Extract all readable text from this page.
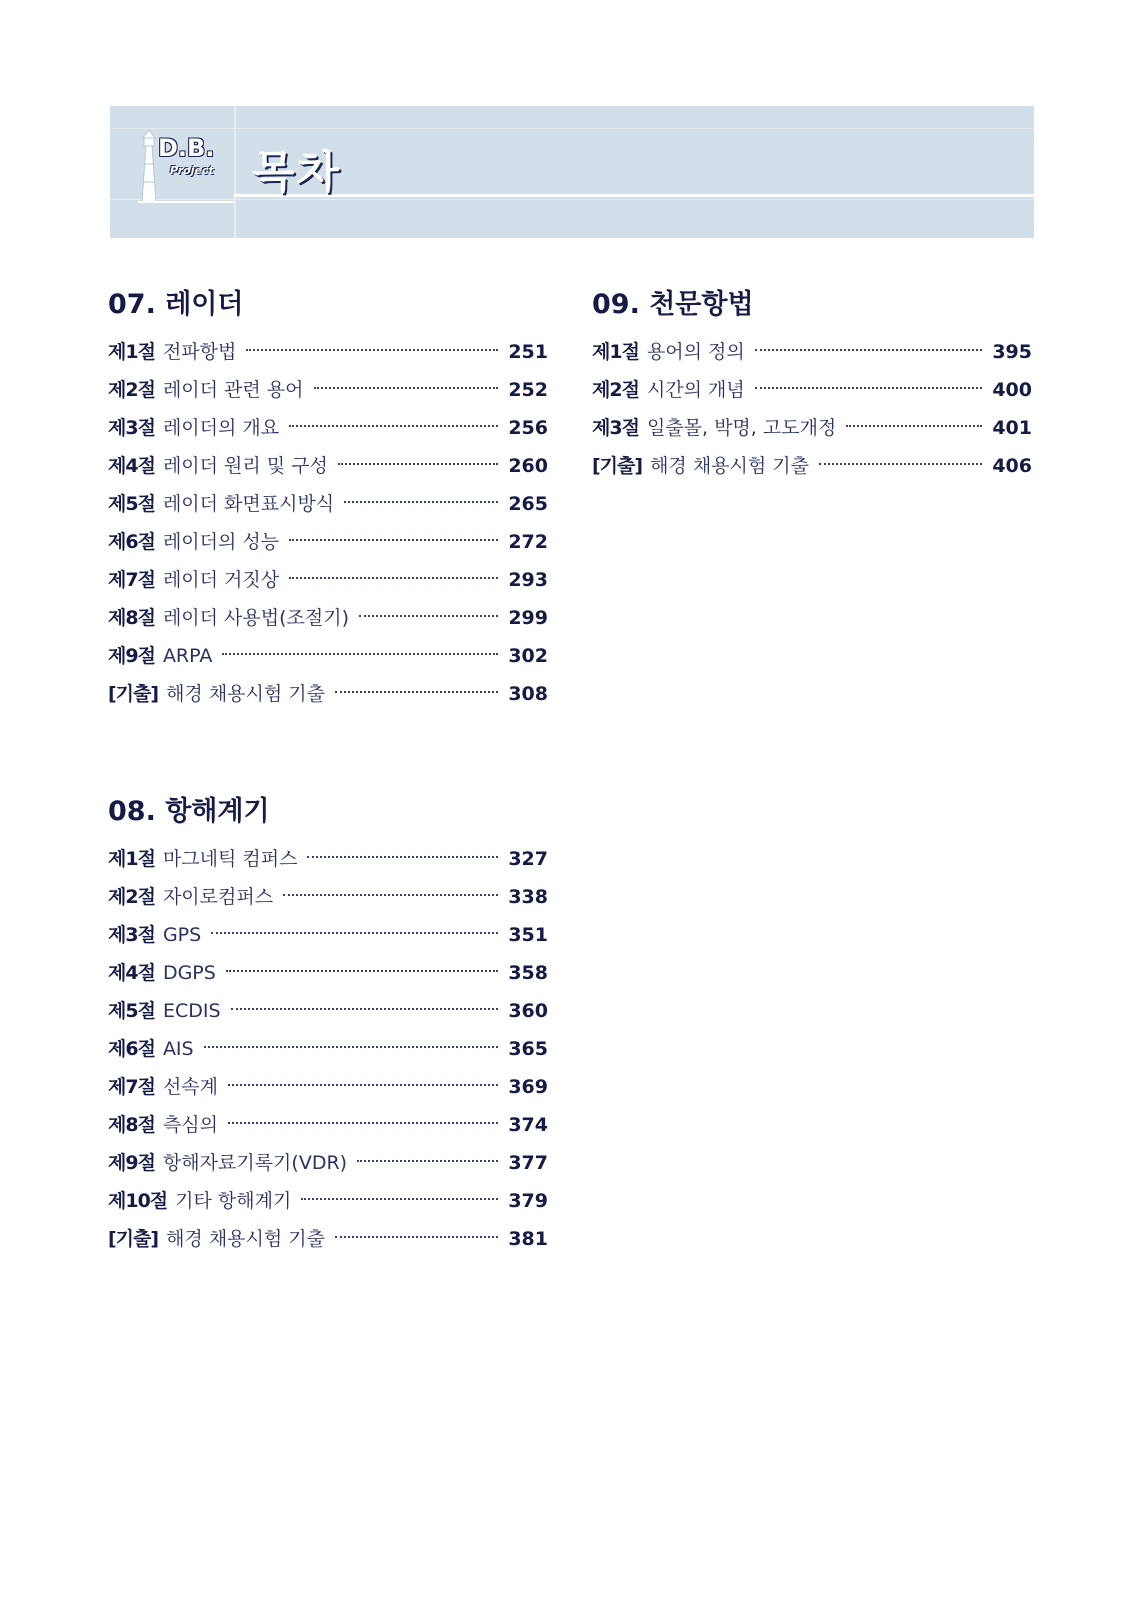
D.B.
Project 목차
07. 레이더
제1절 전파항법	251
제2절 레이더 관련 용어	252
제3절 레이더의 개요	256
제4절 레이더 원리 및 구성	260
제5절 레이더 화면표시방식	265
제6절 레이더의 성능	272
제7절 레이더 거짓상	293
제8절 레이더 사용법(조절기)	299
제9절 ARPA	302
[기출] 해경 채용시험 기출	308
08. 항해계기
제1절 마그네틱 컴퍼스	327
제2절 자이로컴퍼스	338
제3절 GPS	351
제4절 DGPS	358
제5절 ECDIS	360
제6절 AIS	365
제7절 선속계	369
제8절 측심의	374
제9절 항해자료기록기(VDR)	377
제10절 기타 항해계기	379
[기출] 해경 채용시험 기출	381
09. 천문항법
제1절 용어의 정의	395
제2절 시간의 개념	400
제3절 일출몰, 박명, 고도개정	401
[기출] 해경 채용시험 기출	406
